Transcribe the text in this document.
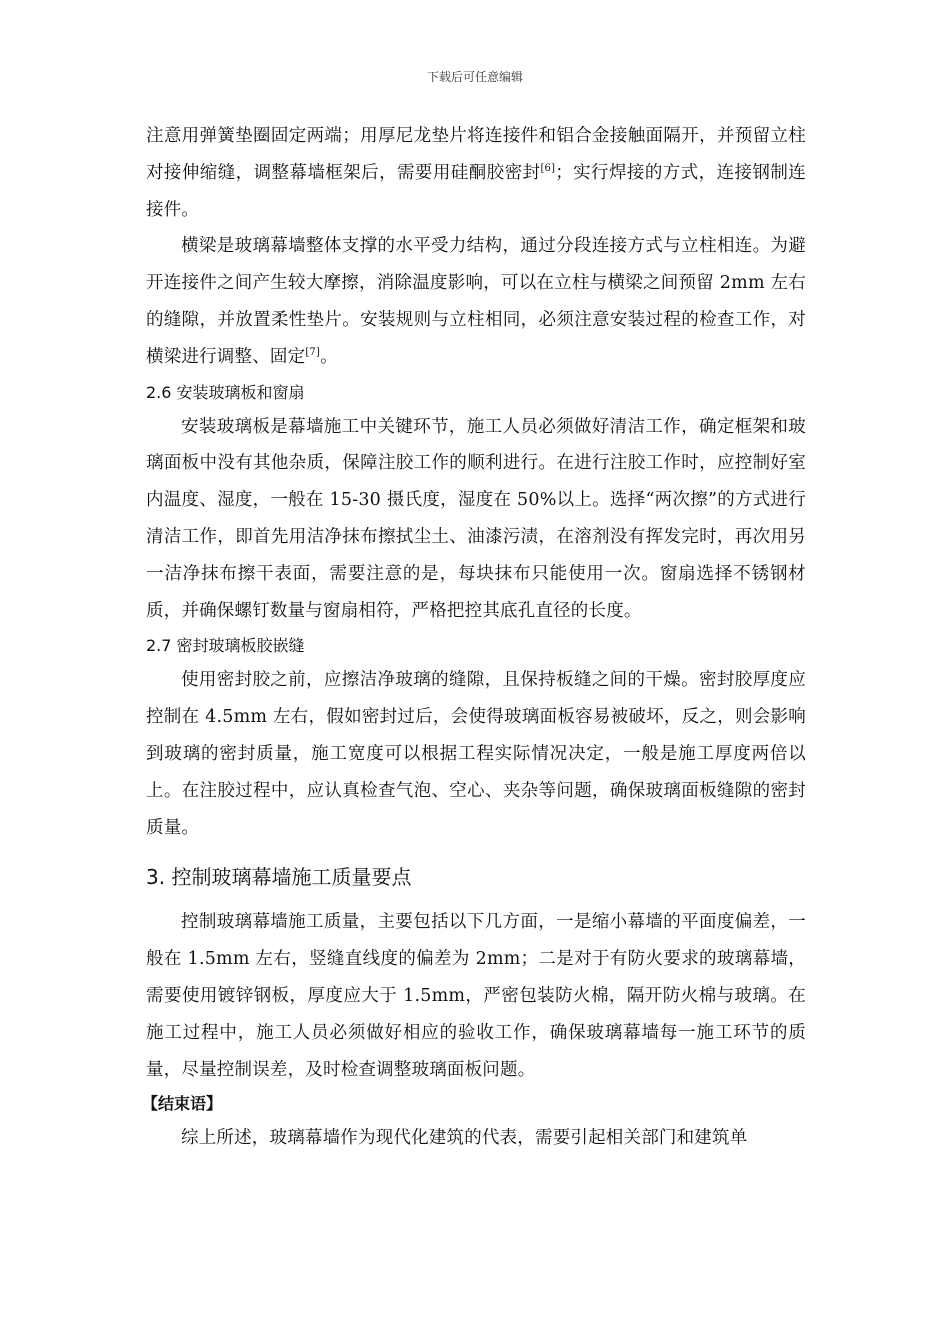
下载后可任意编辑

注意用弹簧垫圈固定两端；用厚尼龙垫片将连接件和铝合金接触面隔开，并预留立柱对接伸缩缝，调整幕墙框架后，需要用硅酮胶密封[6]；实行焊接的方式，连接钢制连接件。

横梁是玻璃幕墙整体支撑的水平受力结构，通过分段连接方式与立柱相连。为避开连接件之间产生较大摩擦，消除温度影响，可以在立柱与横梁之间预留 2mm 左右的缝隙，并放置柔性垫片。安装规则与立柱相同，必须注意安装过程的检查工作，对横梁进行调整、固定[7]。

2.6 安装玻璃板和窗扇

安装玻璃板是幕墙施工中关键环节，施工人员必须做好清洁工作，确定框架和玻璃面板中没有其他杂质，保障注胶工作的顺利进行。在进行注胶工作时，应控制好室内温度、湿度，一般在 15-30 摄氏度，湿度在 50%以上。选择“两次擦”的方式进行清洁工作，即首先用洁净抹布擦拭尘土、油漆污渍，在溶剂没有挥发完时，再次用另一洁净抹布擦干表面，需要注意的是，每块抹布只能使用一次。窗扇选择不锈钢材质，并确保螺钉数量与窗扇相符，严格把控其底孔直径的长度。

2.7 密封玻璃板胶嵌缝

使用密封胶之前，应擦洁净玻璃的缝隙，且保持板缝之间的干燥。密封胶厚度应控制在 4.5mm 左右，假如密封过后，会使得玻璃面板容易被破坏，反之，则会影响到玻璃的密封质量，施工宽度可以根据工程实际情况决定，一般是施工厚度两倍以上。在注胶过程中，应认真检查气泡、空心、夹杂等问题，确保玻璃面板缝隙的密封质量。

3. 控制玻璃幕墙施工质量要点

控制玻璃幕墙施工质量，主要包括以下几方面，一是缩小幕墙的平面度偏差，一般在 1.5mm 左右，竖缝直线度的偏差为 2mm；二是对于有防火要求的玻璃幕墙，需要使用镀锌钢板，厚度应大于 1.5mm，严密包装防火棉，隔开防火棉与玻璃。在施工过程中，施工人员必须做好相应的验收工作，确保玻璃幕墙每一施工环节的质量，尽量控制误差，及时检查调整玻璃面板问题。

【结束语】

综上所述，玻璃幕墙作为现代化建筑的代表，需要引起相关部门和建筑单
